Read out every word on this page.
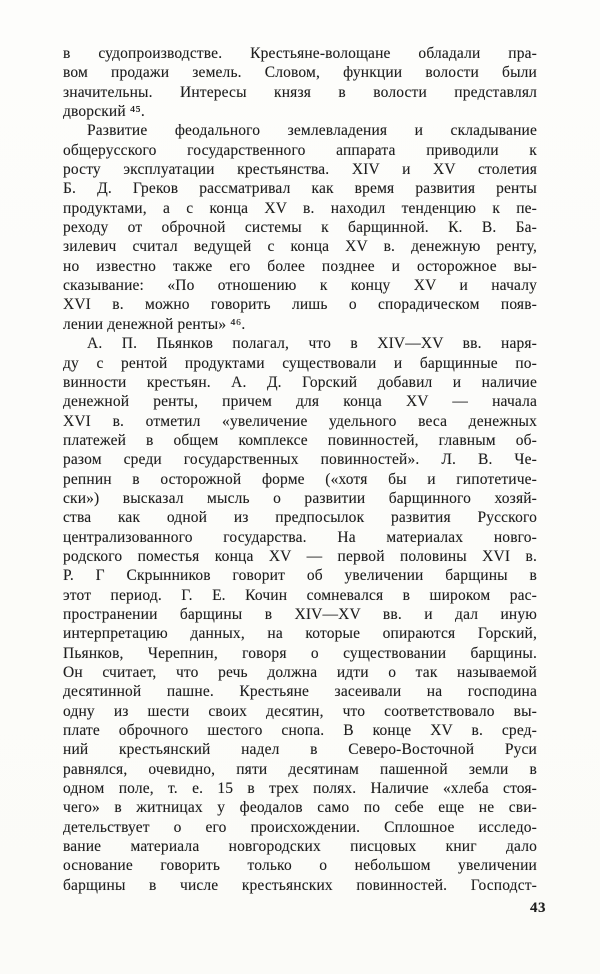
в судопроизводстве. Крестьяне-волощане обладали пра-
вом продажи земель. Словом, функции волости были
значительны. Интересы князя в волости представлял
дворский ⁴⁵.
Развитие феодального землевладения и складывание
общерусского государственного аппарата приводили к
росту эксплуатации крестьянства. XIV и XV столетия
Б. Д. Греков рассматривал как время развития ренты
продуктами, а с конца XV в. находил тенденцию к пе-
реходу от оброчной системы к барщинной. К. В. Ба-
зилевич считал ведущей с конца XV в. денежную ренту,
но известно также его более позднее и осторожное вы-
сказывание: «По отношению к концу XV и началу
XVI в. можно говорить лишь о спорадическом появ-
лении денежной ренты» ⁴⁶.
А. П. Пьянков полагал, что в XIV—XV вв. наря-
ду с рентой продуктами существовали и барщинные по-
винности крестьян. А. Д. Горский добавил и наличие
денежной ренты, причем для конца XV — начала
XVI в. отметил «увеличение удельного веса денежных
платежей в общем комплексе повинностей, главным об-
разом среди государственных повинностей». Л. В. Че-
репнин в осторожной форме («хотя бы и гипотетиче-
ски») высказал мысль о развитии барщинного хозяй-
ства как одной из предпосылок развития Русского
централизованного государства. На материалах новго-
родского поместья конца XV — первой половины XVI в.
Р. Г Скрынников говорит об увеличении барщины в
этот период. Г. Е. Кочин сомневался в широком рас-
пространении барщины в XIV—XV вв. и дал иную
интерпретацию данных, на которые опираются Горский,
Пьянков, Черепнин, говоря о существовании барщины.
Он считает, что речь должна идти о так называемой
десятинной пашне. Крестьяне засеивали на господина
одну из шести своих десятин, что соответствовало вы-
плате оброчного шестого снопа. В конце XV в. сред-
ний крестьянский надел в Северо-Восточной Руси
равнялся, очевидно, пяти десятинам пашенной земли в
одном поле, т. е. 15 в трех полях. Наличие «хлеба стоя-
чего» в житницах у феодалов само по себе еще не сви-
детельствует о его происхождении. Сплошное исследо-
вание материала новгородских писцовых книг дало
основание говорить только о небольшом увеличении
барщины в числе крестьянских повинностей. Господст-
43
